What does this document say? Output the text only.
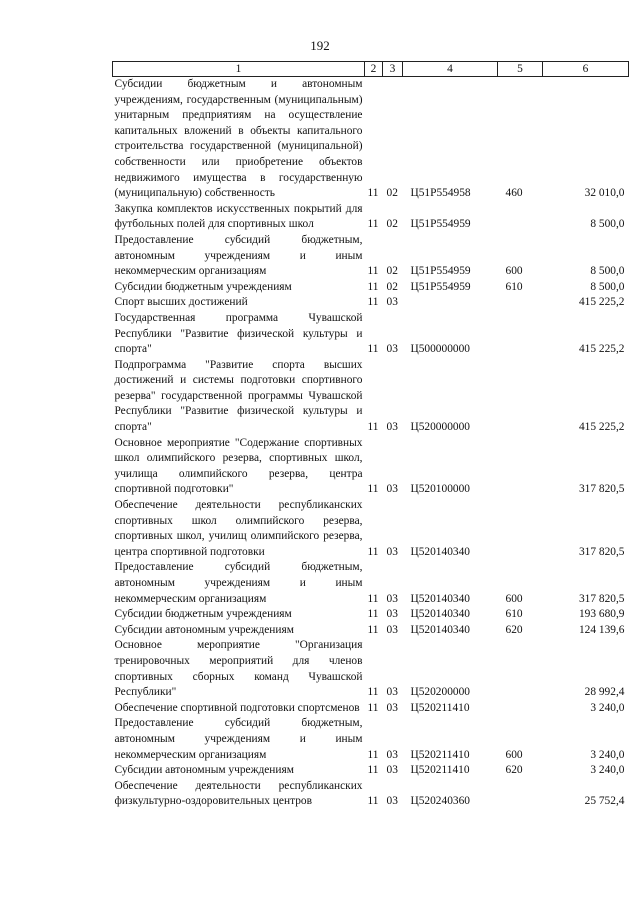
192
1	2	3	4	5	6
Субсидии бюджетным и автономным учреждениям, государственным (муниципальным) унитарным предприятиям на осуществление капитальных вложений в объекты капитального строительства государственной (муниципальной) собственности или приобретение объектов недвижимого имущества в государственную (муниципальную) собственность	11	02	Ц51Р554958	460	32 010,0
Закупка комплектов искусственных покрытий для футбольных полей для спортивных школ	11	02	Ц51Р554959		8 500,0
Предоставление субсидий бюджетным, автономным учреждениям и иным некоммерческим организациям	11	02	Ц51Р554959	600	8 500,0
Субсидии бюджетным учреждениям	11	02	Ц51Р554959	610	8 500,0
Спорт высших достижений	11	03			415 225,2
Государственная программа Чувашской Республики "Развитие физической культуры и спорта"	11	03	Ц500000000		415 225,2
Подпрограмма "Развитие спорта высших достижений и системы подготовки спортивного резерва" государственной программы Чувашской Республики "Развитие физической культуры и спорта"	11	03	Ц520000000		415 225,2
Основное мероприятие "Содержание спортивных школ олимпийского резерва, спортивных школ, училища олимпийского резерва, центра спортивной подготовки"	11	03	Ц520100000		317 820,5
Обеспечение деятельности республиканских спортивных школ олимпийского резерва, спортивных школ, училищ олимпийского резерва, центра спортивной подготовки	11	03	Ц520140340		317 820,5
Предоставление субсидий бюджетным, автономным учреждениям и иным некоммерческим организациям	11	03	Ц520140340	600	317 820,5
Субсидии бюджетным учреждениям	11	03	Ц520140340	610	193 680,9
Субсидии автономным учреждениям	11	03	Ц520140340	620	124 139,6
Основное мероприятие "Организация тренировочных мероприятий для членов спортивных сборных команд Чувашской Республики"	11	03	Ц520200000		28 992,4
Обеспечение спортивной подготовки спортсменов	11	03	Ц520211410		3 240,0
Предоставление субсидий бюджетным, автономным учреждениям и иным некоммерческим организациям	11	03	Ц520211410	600	3 240,0
Субсидии автономным учреждениям	11	03	Ц520211410	620	3 240,0
Обеспечение деятельности республиканских физкультурно-оздоровительных центров	11	03	Ц520240360		25 752,4
